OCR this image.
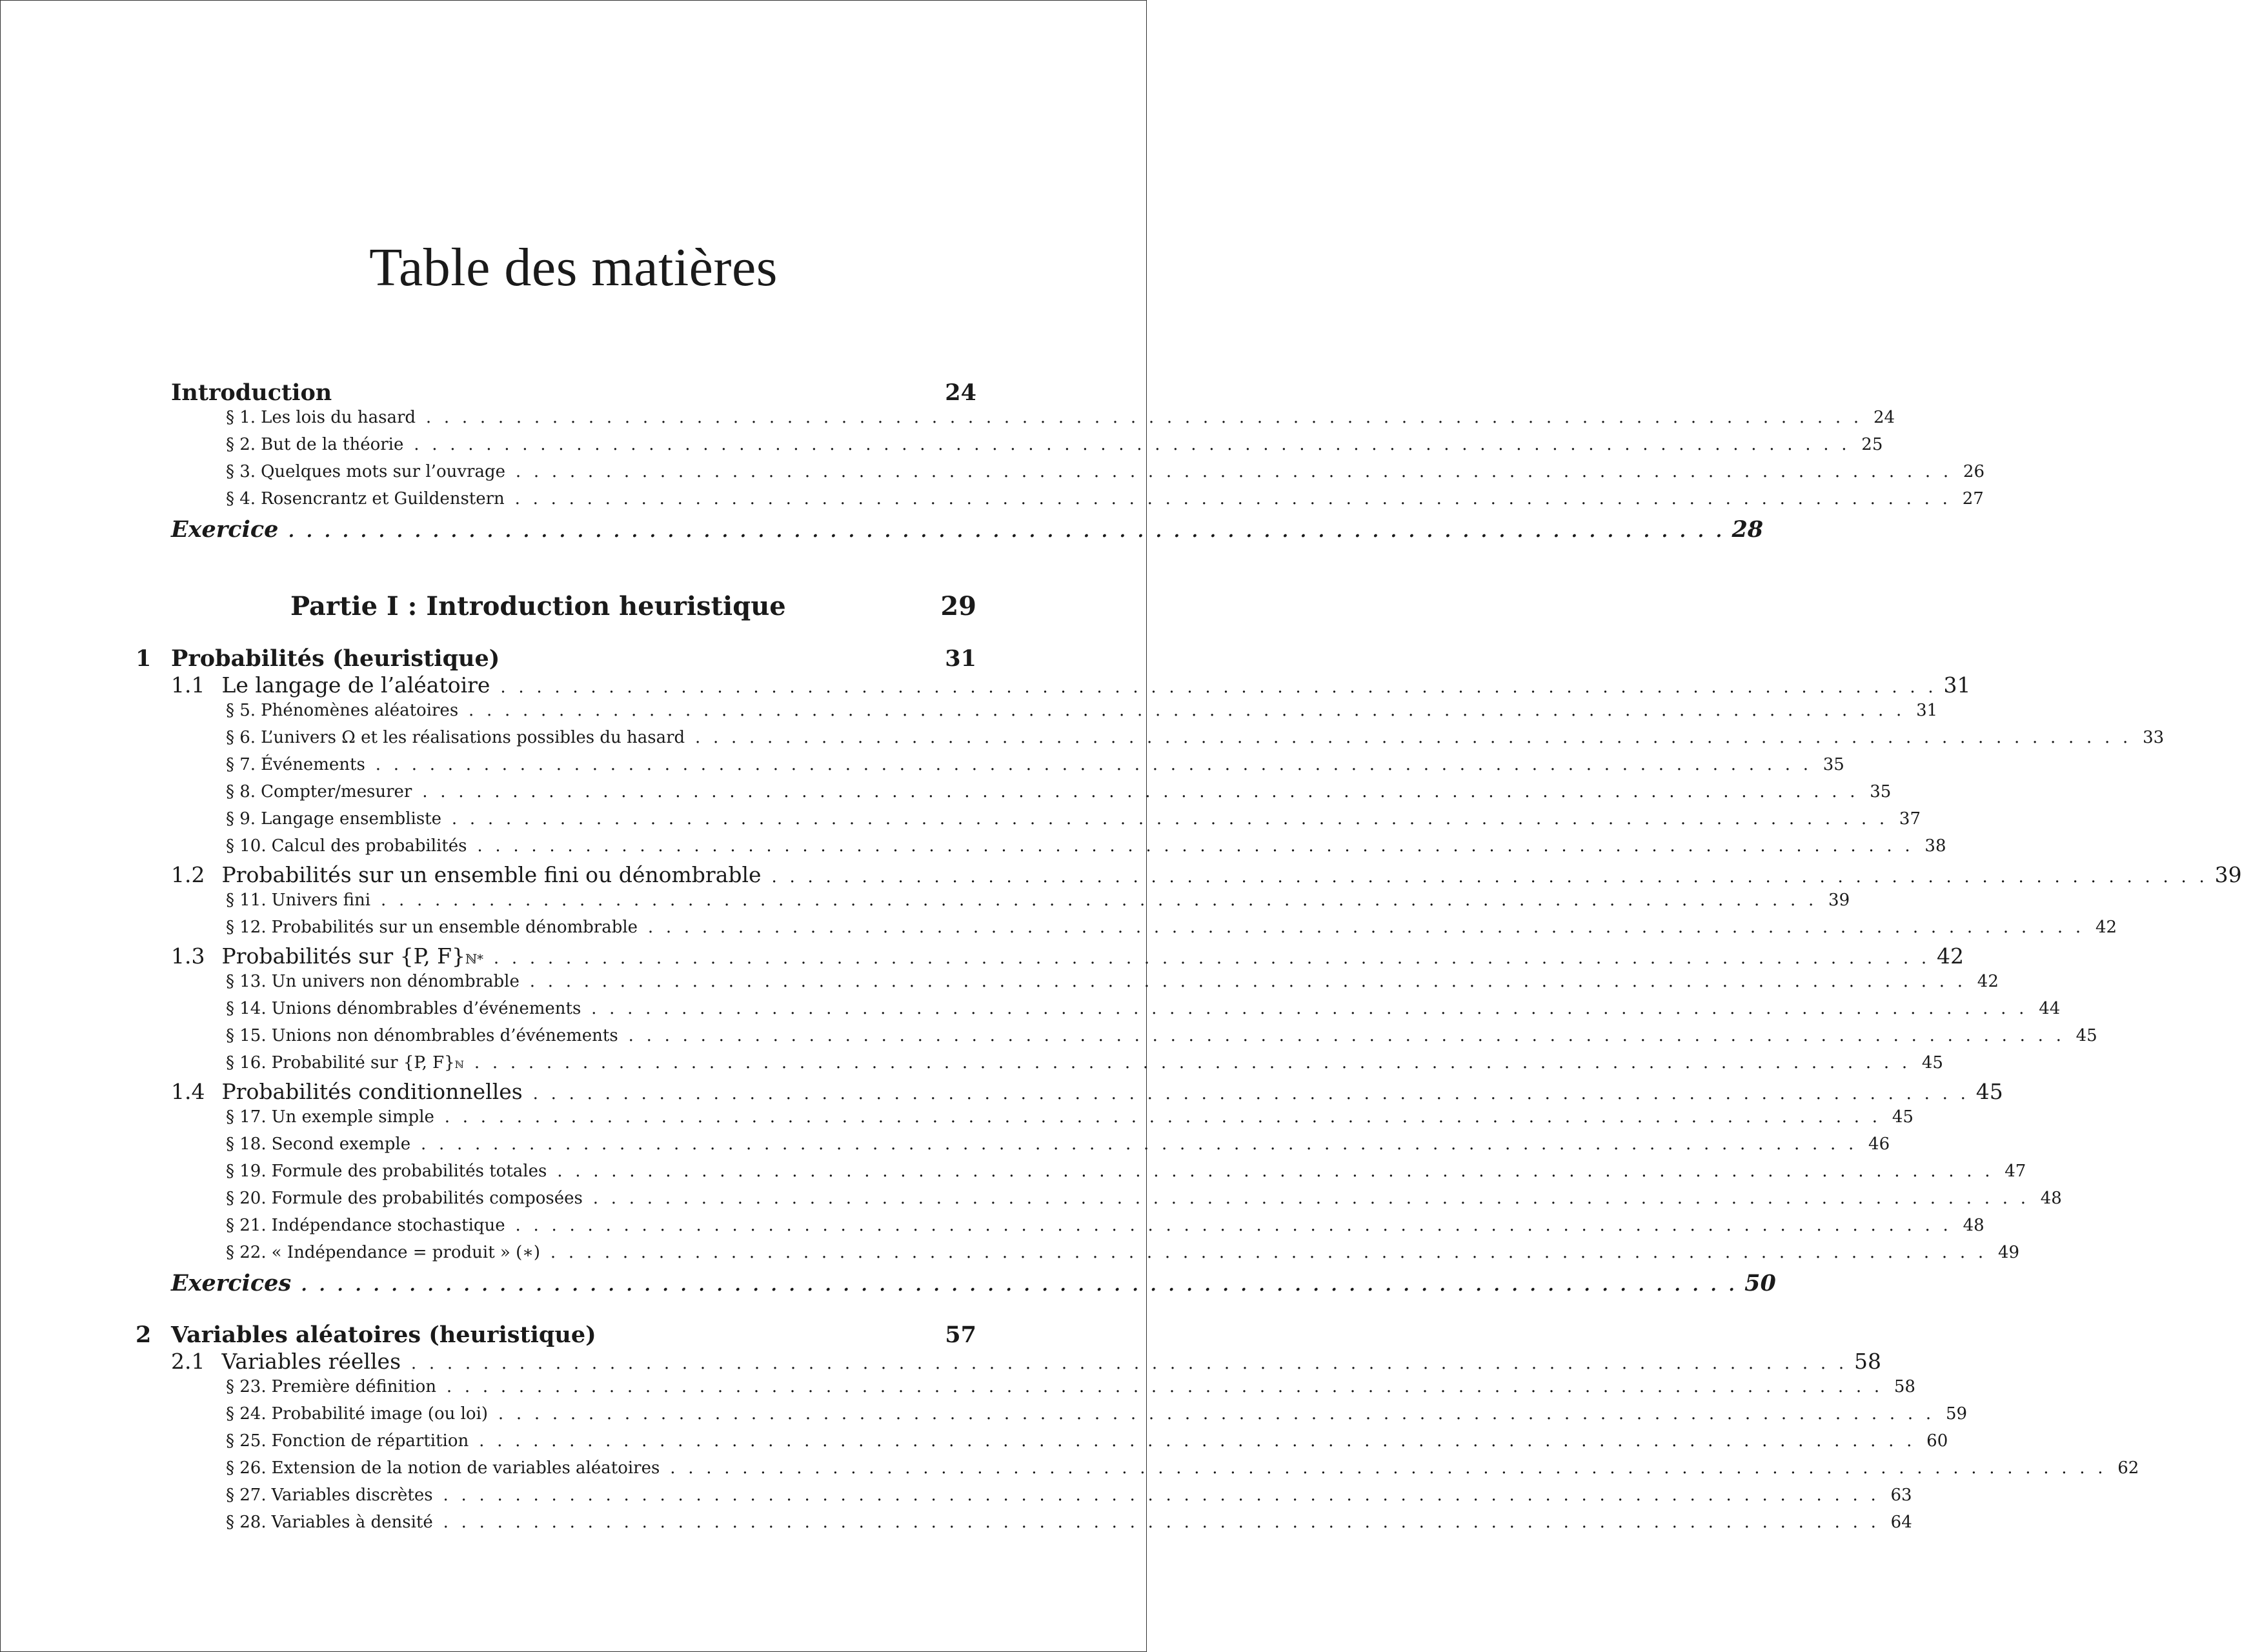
Table des matières
Introduction	24
§ 1. Les lois du hasard	................................................................................	24
§ 2. But de la théorie	................................................................................	25
§ 3. Quelques mots sur l’ouvrage	................................................................................	26
§ 4. Rosencrantz et Guildenstern	................................................................................	27
Exercice	................................................................................	28
Partie I : Introduction heuristique	29
1 Probabilités (heuristique)	31
1.1 Le langage de l’aléatoire	................................................................................	31
§ 5. Phénomènes aléatoires	................................................................................	31
§ 6. L’univers Ω et les réalisations possibles du hasard	................................................................................	33
§ 7. Événements	................................................................................	35
§ 8. Compter/mesurer	................................................................................	35
§ 9. Langage ensembliste	................................................................................	37
§ 10. Calcul des probabilités	................................................................................	38
1.2 Probabilités sur un ensemble fini ou dénombrable	................................................................................	39
§ 11. Univers fini	................................................................................	39
§ 12. Probabilités sur un ensemble dénombrable	................................................................................	42
1.3 Probabilités sur {P, F} ℕ*	................................................................................	42
§ 13. Un univers non dénombrable	................................................................................	42
§ 14. Unions dénombrables d’événements	................................................................................	44
§ 15. Unions non dénombrables d’événements	................................................................................	45
§ 16. Probabilité sur {P, F} ℕ	................................................................................	45
1.4 Probabilités conditionnelles	................................................................................	45
§ 17. Un exemple simple	................................................................................	45
§ 18. Second exemple	................................................................................	46
§ 19. Formule des probabilités totales	................................................................................	47
§ 20. Formule des probabilités composées	................................................................................	48
§ 21. Indépendance stochastique	................................................................................	48
§ 22. « Indépendance = produit » (∗)	................................................................................	49
Exercices	................................................................................	50
2 Variables aléatoires (heuristique)	57
2.1 Variables réelles	................................................................................	58
§ 23. Première définition	................................................................................	58
§ 24. Probabilité image (ou loi)	................................................................................	59
§ 25. Fonction de répartition	................................................................................	60
§ 26. Extension de la notion de variables aléatoires	................................................................................	62
§ 27. Variables discrètes	................................................................................	63
§ 28. Variables à densité	................................................................................	64
